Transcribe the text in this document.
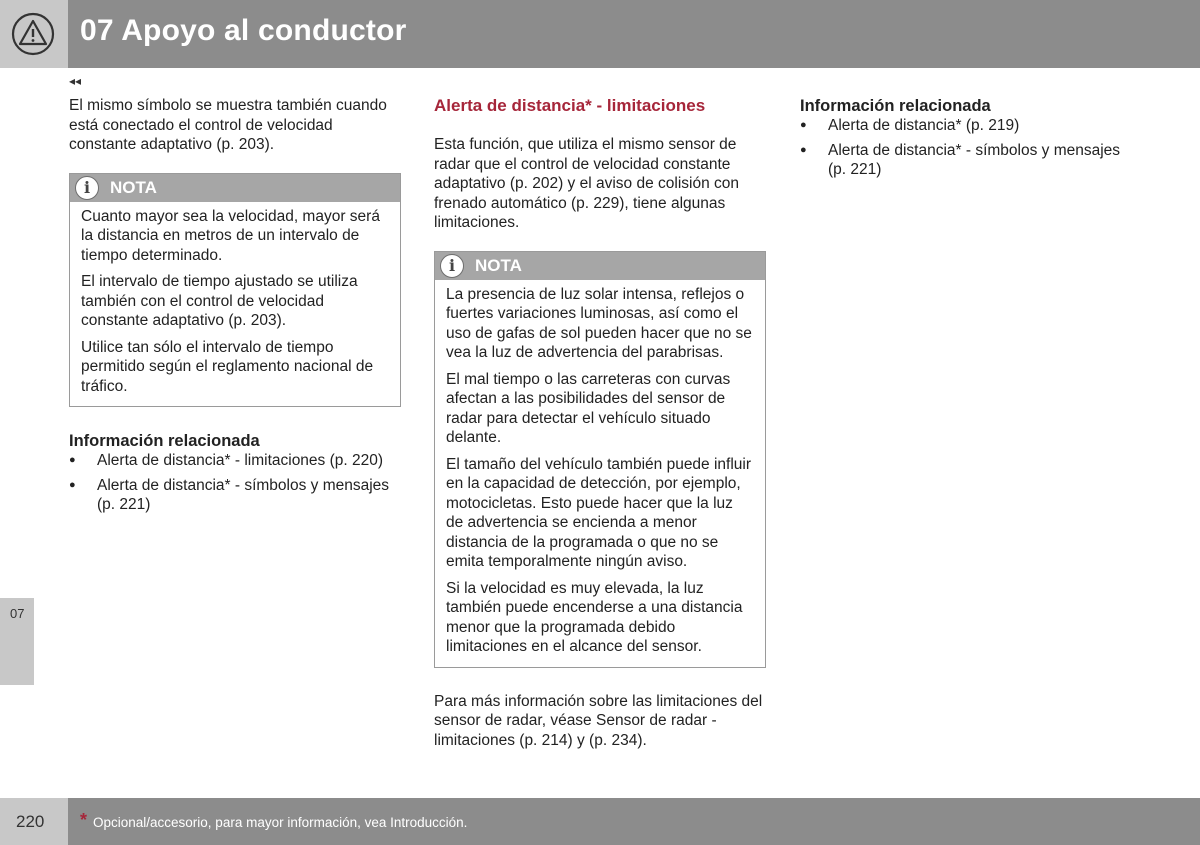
07 Apoyo al conductor
◂◂

El mismo símbolo se muestra también cuando está conectado el control de velocidad constante adaptativo (p. 203).

i	NOTA

Cuanto mayor sea la velocidad, mayor será la distancia en metros de un intervalo de tiempo determinado.

El intervalo de tiempo ajustado se utiliza también con el control de velocidad constante adaptativo (p. 203).

Utilice tan sólo el intervalo de tiempo permitido según el reglamento nacional de tráfico.

Información relacionada
● Alerta de distancia* - limitaciones (p. 220)
● Alerta de distancia* - símbolos y mensajes (p. 221)
Alerta de distancia* - limitaciones

Esta función, que utiliza el mismo sensor de radar que el control de velocidad constante adaptativo (p. 202) y el aviso de colisión con frenado automático (p. 229), tiene algunas limitaciones.

i	NOTA

La presencia de luz solar intensa, reflejos o fuertes variaciones luminosas, así como el uso de gafas de sol pueden hacer que no se vea la luz de advertencia del parabrisas.

El mal tiempo o las carreteras con curvas afectan a las posibilidades del sensor de radar para detectar el vehículo situado delante.

El tamaño del vehículo también puede influir en la capacidad de detección, por ejemplo, motocicletas. Esto puede hacer que la luz de advertencia se encienda a menor distancia de la programada o que no se emita temporalmente ningún aviso.

Si la velocidad es muy elevada, la luz también puede encenderse a una distancia menor que la programada debido limitaciones en el alcance del sensor.

Para más información sobre las limitaciones del sensor de radar, véase Sensor de radar - limitaciones (p. 214) y (p. 234).

Información relacionada
● Alerta de distancia* (p. 219)
● Alerta de distancia* - símbolos y mensajes (p. 221)
07
220 * Opcional/accesorio, para mayor información, vea Introducción.
